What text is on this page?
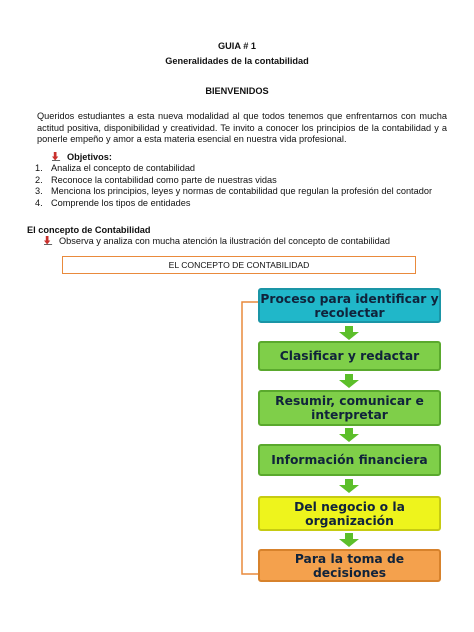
GUIA # 1
Generalidades de la contabilidad
BIENVENIDOS
Queridos estudiantes a esta nueva modalidad al que todos tenemos que enfrentarnos con mucha actitud positiva, disponibilidad y creatividad. Te invito a conocer los principios de la contabilidad y a ponerle empeño y amor a esta materia esencial en nuestra vida profesional.
Objetivos:
1. Analiza el concepto de contabilidad
2. Reconoce la contabilidad como parte de nuestras vidas
3. Menciona los principios, leyes y normas de contabilidad que regulan la profesión del contador
4. Comprende los tipos de entidades
El concepto de Contabilidad
Observa y analiza con mucha atención la ilustración del concepto de contabilidad
EL CONCEPTO DE CONTABILIDAD
Proceso para identificar y recolectar
Clasificar y redactar
Resumir, comunicar e interpretar
Información financiera
Del negocio o la organización
Para la toma de decisiones
